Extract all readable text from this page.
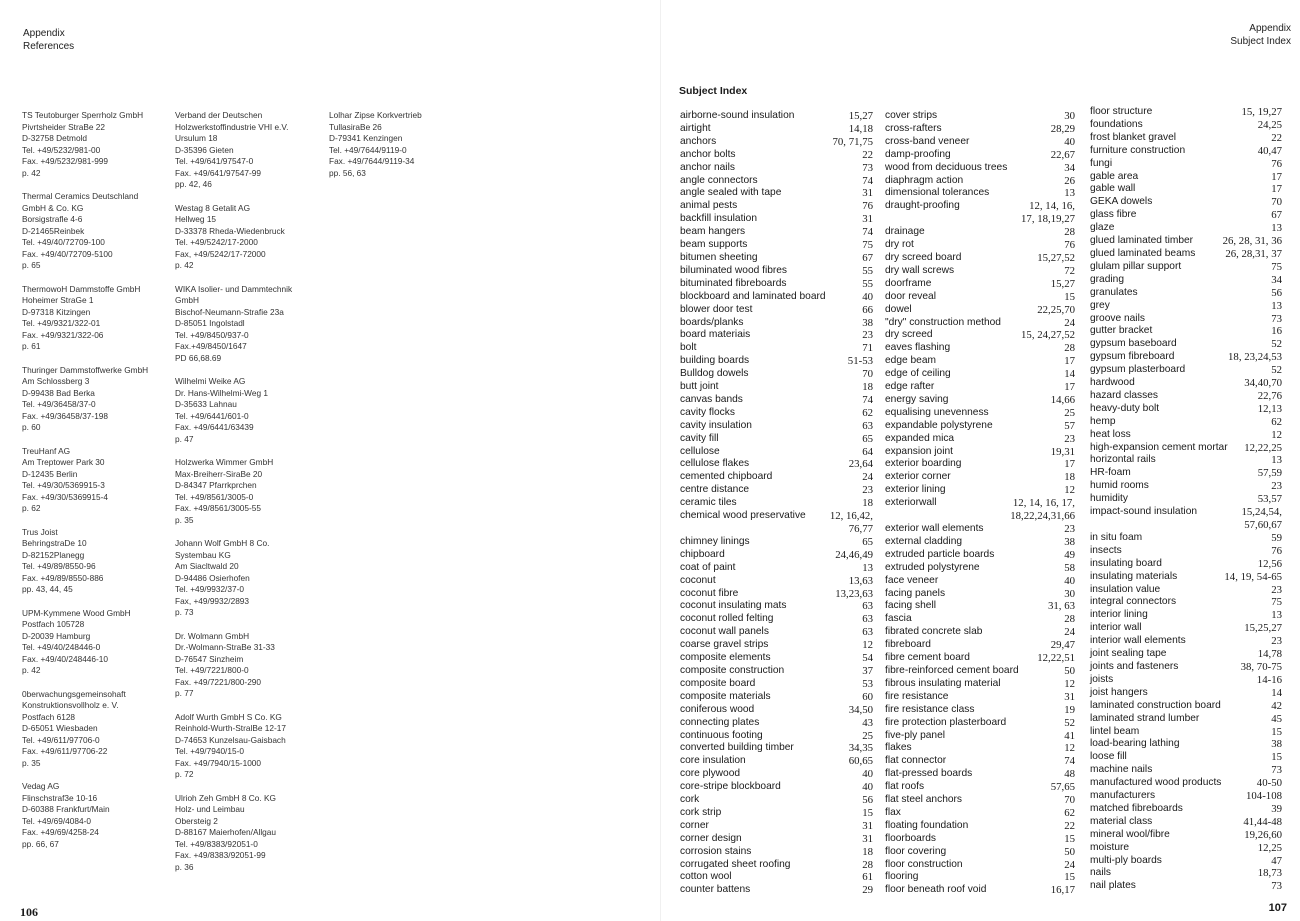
Appendix
References
TS Teutoburger Sperrholz GmbH
Pivrtsheider StraBe 22
D-32758 Detmold
Tel. +49/5232/981-00
Fax. +49/5232/981-999
p. 42
Thermal Ceramics Deutschland
GmbH & Co. KG
Borsigstrafle 4-6
D-21465Reinbek
Tel. +49/40/72709-100
Fax. +49/40/72709-5100
p. 65
ThermowoH Dammstoffe GmbH
Hoheimer StraGe 1
D-97318 Kitzingen
Tel. +49/9321/322-01
Fax. +49/9321/322-06
p. 61
Thuringer Dammstoffwerke GmbH
Am Schlossberg 3
D-99438 Bad Berka
Tel. +49/36458/37-0
Fax. +49/36458/37-198
p. 60
TreuHanf AG
Am Treptower Park 30
D-12435 Berlin
Tel. +49/30/5369915-3
Fax. +49/30/5369915-4
p. 62
Trus Joist
BehringstraDe 10
D-82152Planegg
Tel. +49/89/8550-96
Fax. +49/89/8550-886
pp. 43, 44, 45
UPM-Kymmene Wood GmbH
Postfach 105728
D-20039 Hamburg
Tel. +49/40/248446-0
Fax. +49/40/248446-10
p. 42
0berwachungsgemeinsohaft
Konstruktionsvollholz e. V.
Postfach 6128
D-65051 Wiesbaden
Tel. +49/611/97706-0
Fax. +49/611/97706-22
p. 35
Vedag AG
Flinschstraf3e 10-16
D-60388 Frankfurt/Main
Tel. +49/69/4084-0
Fax. +49/69/4258-24
pp. 66, 67
Verband der Deutschen
Holzwerkstoffindustrie VHI e.V.
Ursulum 18
D-35396 Gieten
Tel. +49/641/97547-0
Fax. +49/641/97547-99
pp. 42, 46
Westag 8 Getalit AG
Hellweg 15
D-33378 Rheda-Wiedenbruck
Tel. +49/5242/17-2000
Fax, +49/5242/17-72000
p. 42
WIKA Isolier- und Dammtechnik
GmbH
Bischof-Neumann-Strafie 23a
D-85051 Ingolstadl
Tel. +49/8450/937-0
Fax.+49/8450/1647
PD 66,68.69
Wilhelmi Weike AG
Dr. Hans-Wilhelmi-Weg 1
D-35633 Lahnau
Tel. +49/6441/601-0
Fax. +49/6441/63439
p. 47
Holzwerka Wimmer GmbH
Max-Breiherr-SiraBe 20
D-84347 Pfarrkprchen
Tel. +49/8561/3005-0
Fax. +49/8561/3005-55
p. 35
Johann Wolf GmbH 8 Co.
Systembau KG
Am Siacltwald 20
D-94486 Osierhofen
Tel. +49/9932/37-0
Fax, +49/9932/2893
p. 73
Dr. Wolmann GmbH
Dr.-Wolmann-StraBe 31-33
D-76547 Sinzheim
Tel. +49/7221/800-0
Fax. +49/7221/800-290
p. 77
Adolf Wurth GmbH S Co. KG
Reinhold-Wurth-StralBe 12-17
D-74653 Kunzelsau-Gaisbach
Tel. +49/7940/15-0
Fax. +49/7940/15-1000
p. 72
Ulrioh Zeh GmbH 8 Co. KG
Holz- und Leimbau
Obersteig 2
D-88167 Maierhofen/Allgau
Tel. +49/8383/92051-0
Fax. +49/8383/92051-99
p. 36
Lolhar Zipse Korkvertrieb
TullasiraBe 26
D-79341 Kenzingen
Tel. +49/7644/9119-0
Fax. +49/7644/9119-34
pp. 56, 63
106
Appendix
Subject Index
107
Subject Index
airborne-sound insulation	15,27
airtight	14,18
anchors	70, 71,75
anchor bolts	22
anchor nails	73
angle connectors	74
angle sealed with tape	31
animal pests	76
backfill insulation	31
beam hangers	74
beam supports	75
bitumen sheeting	67
biluminated wood fibres	55
bituminated fibreboards	55
blockboard and laminated board	40
blower door test	66
boards/planks	38
board materiais	23
bolt	71
building boards	51-53
Bulldog dowels	70
butt joint	18
canvas bands	74
cavity flocks	62
cavity insulation	63
cavity fill	65
cellulose	64
cellulose flakes	23,64
cemented chipboard	24
centre distance	23
ceramic tiles	18
chemical wood preservative 12, 16,42,
76,77
chimney linings	65
chipboard	24,46,49
coat of paint	13
coconut	13,63
coconut fibre	13,23,63
coconut insulating mats	63
coconut rolled felting	63
coconut wall panels	63
coarse gravel strips	12
composite elements	54
composite construction	37
composite board	53
composite materials	60
coniferous wood	34,50
connecting plates	43
continuous footing	25
converted building timber	34,35
core insulation	60,65
core plywood	40
core-stripe blockboard	40
cork	56
cork strip	15
corner	31
corner design	31
corrosion stains	18
corrugated sheet roofing	28
cotton wool	61
counter battens	29
cover strips	30
cross-rafters	28,29
cross-band veneer	40
damp-proofing	22,67
wood from deciduous trees	34
diaphragm action	26
dimensional tolerances	13
draught-proofing	12, 14, 16,
17, 18,19,27
drainage	28
dry rot	76
dry screed board	15,27,52
dry wall screws	72
doorframe	15,27
door reveal	15
dowel	22,25,70
"dry" construction method	24
dry screed	15, 24,27,52
eaves flashing	28
edge beam	17
edge of ceiling	14
edge rafter	17
energy saving	14,66
equalising unevenness	25
expandable polystyrene	57
expanded mica	23
expansion joint	19,31
exterior boarding	17
exterior corner	18
exterior lining	12
exteriorwall	12, 14, 16, 17,
18,22,24,31,66
exterior wall elements	23
external cladding	38
extruded particle boards	49
extruded polystyrene	58
face veneer	40
facing panels	30
facing shell	31, 63
fascia	28
fibrated concrete slab	24
fibreboard	29,47
fibre cement board	12,22,51
fibre-reinforced cement board	50
fibrous insulating material	12
fire resistance	31
fire resistance class	19
fire protection plasterboard	52
five-ply panel	41
flakes	12
flat connector	74
flat-pressed boards	48
flat roofs	57,65
flat steel anchors	70
flax	62
floating foundation	22
floorboards	15
floor covering	50
floor construction	24
flooring	15
floor beneath roof void	16,17
floor structure	15, 19,27
foundations	24,25
frost blanket gravel	22
furniture construction	40,47
fungi	76
gable area	17
gable wall	17
GEKA dowels	70
glass fibre	67
glaze	13
glued laminated timber	26, 28, 31, 36
glued laminated beams	26, 28,31, 37
glulam pillar support	75
grading	34
granulates	56
grey	13
groove nails	73
gutter bracket	16
gypsum baseboard	52
gypsum fibreboard	18, 23,24,53
gypsum plasterboard	52
hardwood	34,40,70
hazard classes	22,76
heavy-duty bolt	12,13
hemp	62
heat loss	12
high-expansion cement mortar 12,22,25
horizontal rails	13
HR-foam	57,59
humid rooms	23
humidity	53,57
impact-sound insulation	15,24,54,
57,60,67
in situ foam	59
insects	76
insulating board	12,56
insulating materials	14, 19, 54-65
insulation value	23
integral connectors	75
interior lining	13
interior wall	15,25,27
interior wall elements	23
joint sealing tape	14,78
joints and fasteners	38, 70-75
joists	14-16
joist hangers	14
laminated construction board	42
laminated strand lumber	45
lintel beam	15
load-bearing lathing	38
loose fill	15
machine nails	73
manufactured wood products	40-50
manufacturers	104-108
matched fibreboards	39
material class	41,44-48
mineral wool/fibre	19,26,60
moisture	12,25
multi-ply boards	47
nails	18,73
nail plates	73
